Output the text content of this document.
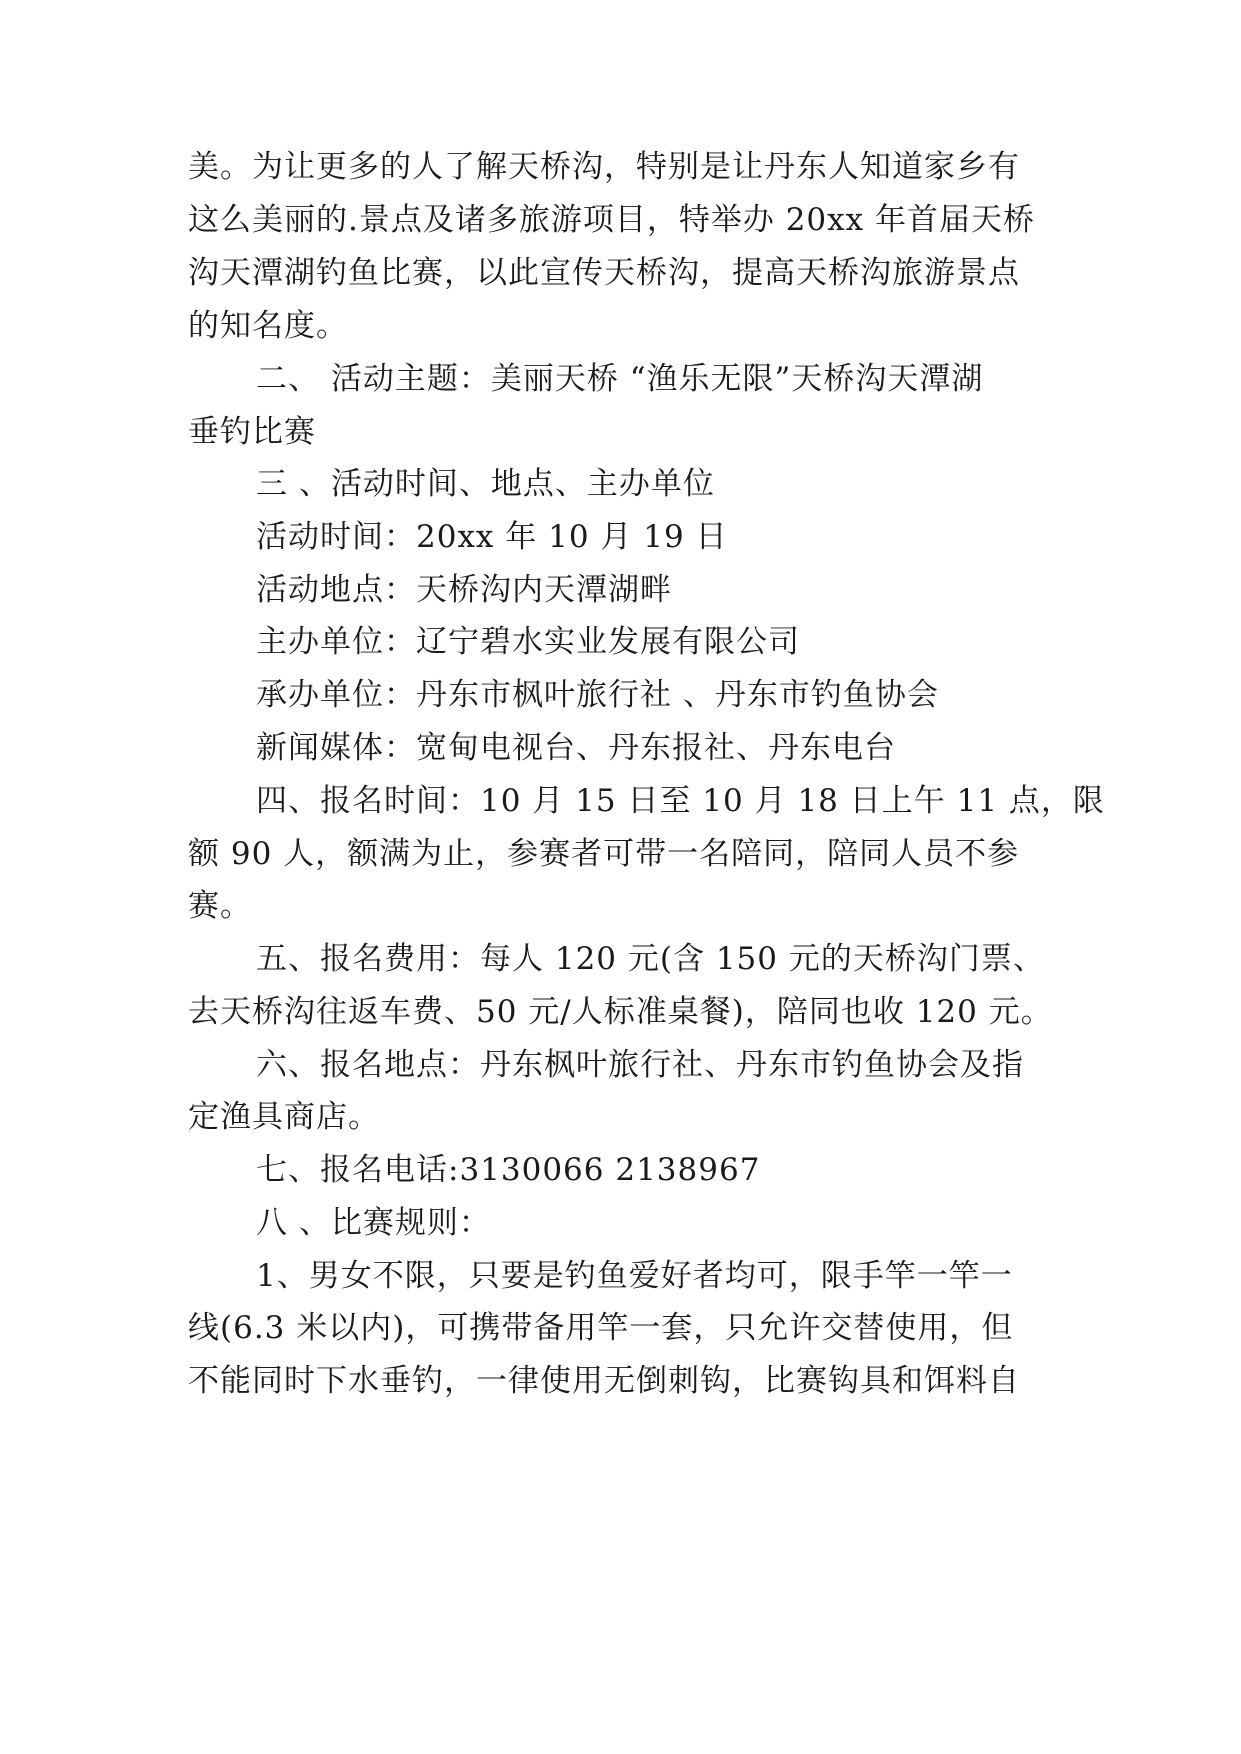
美。为让更多的人了解天桥沟，特别是让丹东人知道家乡有
这么美丽的.景点及诸多旅游项目，特举办 20xx 年首届天桥
沟天潭湖钓鱼比赛，以此宣传天桥沟，提高天桥沟旅游景点
的知名度。
二、 活动主题：美丽天桥 “渔乐无限”天桥沟天潭湖
垂钓比赛
三 、活动时间、地点、主办单位
活动时间：20xx 年 10 月 19 日
活动地点：天桥沟内天潭湖畔
主办单位：辽宁碧水实业发展有限公司
承办单位：丹东市枫叶旅行社 、丹东市钓鱼协会
新闻媒体：宽甸电视台、丹东报社、丹东电台
四、报名时间：10 月 15 日至 10 月 18 日上午 11 点，限
额 90 人，额满为止，参赛者可带一名陪同，陪同人员不参
赛。
五、报名费用：每人 120 元(含 150 元的天桥沟门票、
去天桥沟往返车费、50 元/人标准桌餐)，陪同也收 120 元。
六、报名地点：丹东枫叶旅行社、丹东市钓鱼协会及指
定渔具商店。
七、报名电话:3130066 2138967
八 、比赛规则：
1、男女不限，只要是钓鱼爱好者均可，限手竿一竿一
线(6.3 米以内)，可携带备用竿一套，只允许交替使用，但
不能同时下水垂钓，一律使用无倒刺钩，比赛钩具和饵料自
